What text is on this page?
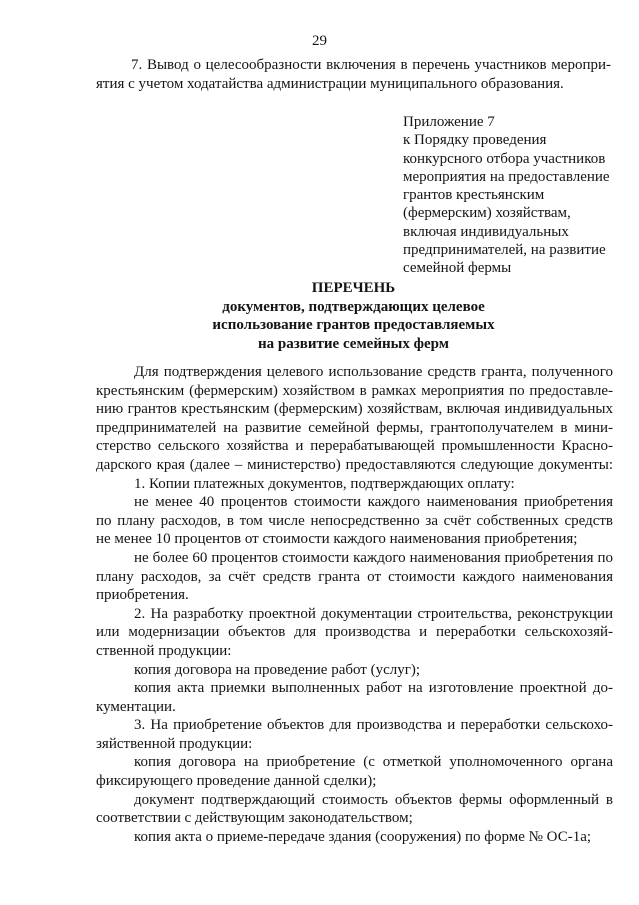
29
7. Вывод о целесообразности включения в перечень участников меропри-
ятия с учетом ходатайства администрации муниципального образования.
Приложение 7
к Порядку проведения
конкурсного отбора участников
мероприятия на предоставление
грантов крестьянским
(фермерским) хозяйствам,
включая индивидуальных
предпринимателей, на развитие
семейной фермы
ПЕРЕЧЕНЬ
документов, подтверждающих целевое
использование грантов предоставляемых
на развитие семейных ферм
Для подтверждения целевого использование средств гранта, полученного
крестьянским (фермерским) хозяйством в рамках мероприятия по предоставле-
нию грантов крестьянским (фермерским) хозяйствам, включая индивидуальных
предпринимателей на развитие семейной фермы, грантополучателем в мини-
стерство сельского хозяйства и перерабатывающей промышленности Красно-
дарского края (далее – министерство) предоставляются следующие документы:
1. Копии платежных документов, подтверждающих оплату:
не менее 40 процентов стоимости каждого наименования приобретения
по плану расходов, в том числе непосредственно за счёт собственных средств
не менее 10 процентов от стоимости каждого наименования приобретения;
не более 60 процентов стоимости каждого наименования приобретения по
плану расходов, за счёт средств гранта от стоимости каждого наименования
приобретения.
2. На разработку проектной документации строительства, реконструкции
или модернизации объектов для производства и переработки сельскохозяй-
ственной продукции:
копия договора на проведение работ (услуг);
копия акта приемки выполненных работ на изготовление проектной до-
кументации.
3. На приобретение объектов для производства и переработки сельскохо-
зяйственной продукции:
копия договора на приобретение (с отметкой уполномоченного органа
фиксирующего проведение данной сделки);
документ подтверждающий стоимость объектов фермы оформленный в
соответствии с действующим законодательством;
копия акта о приеме-передаче здания (сооружения) по форме № ОС-1а;
